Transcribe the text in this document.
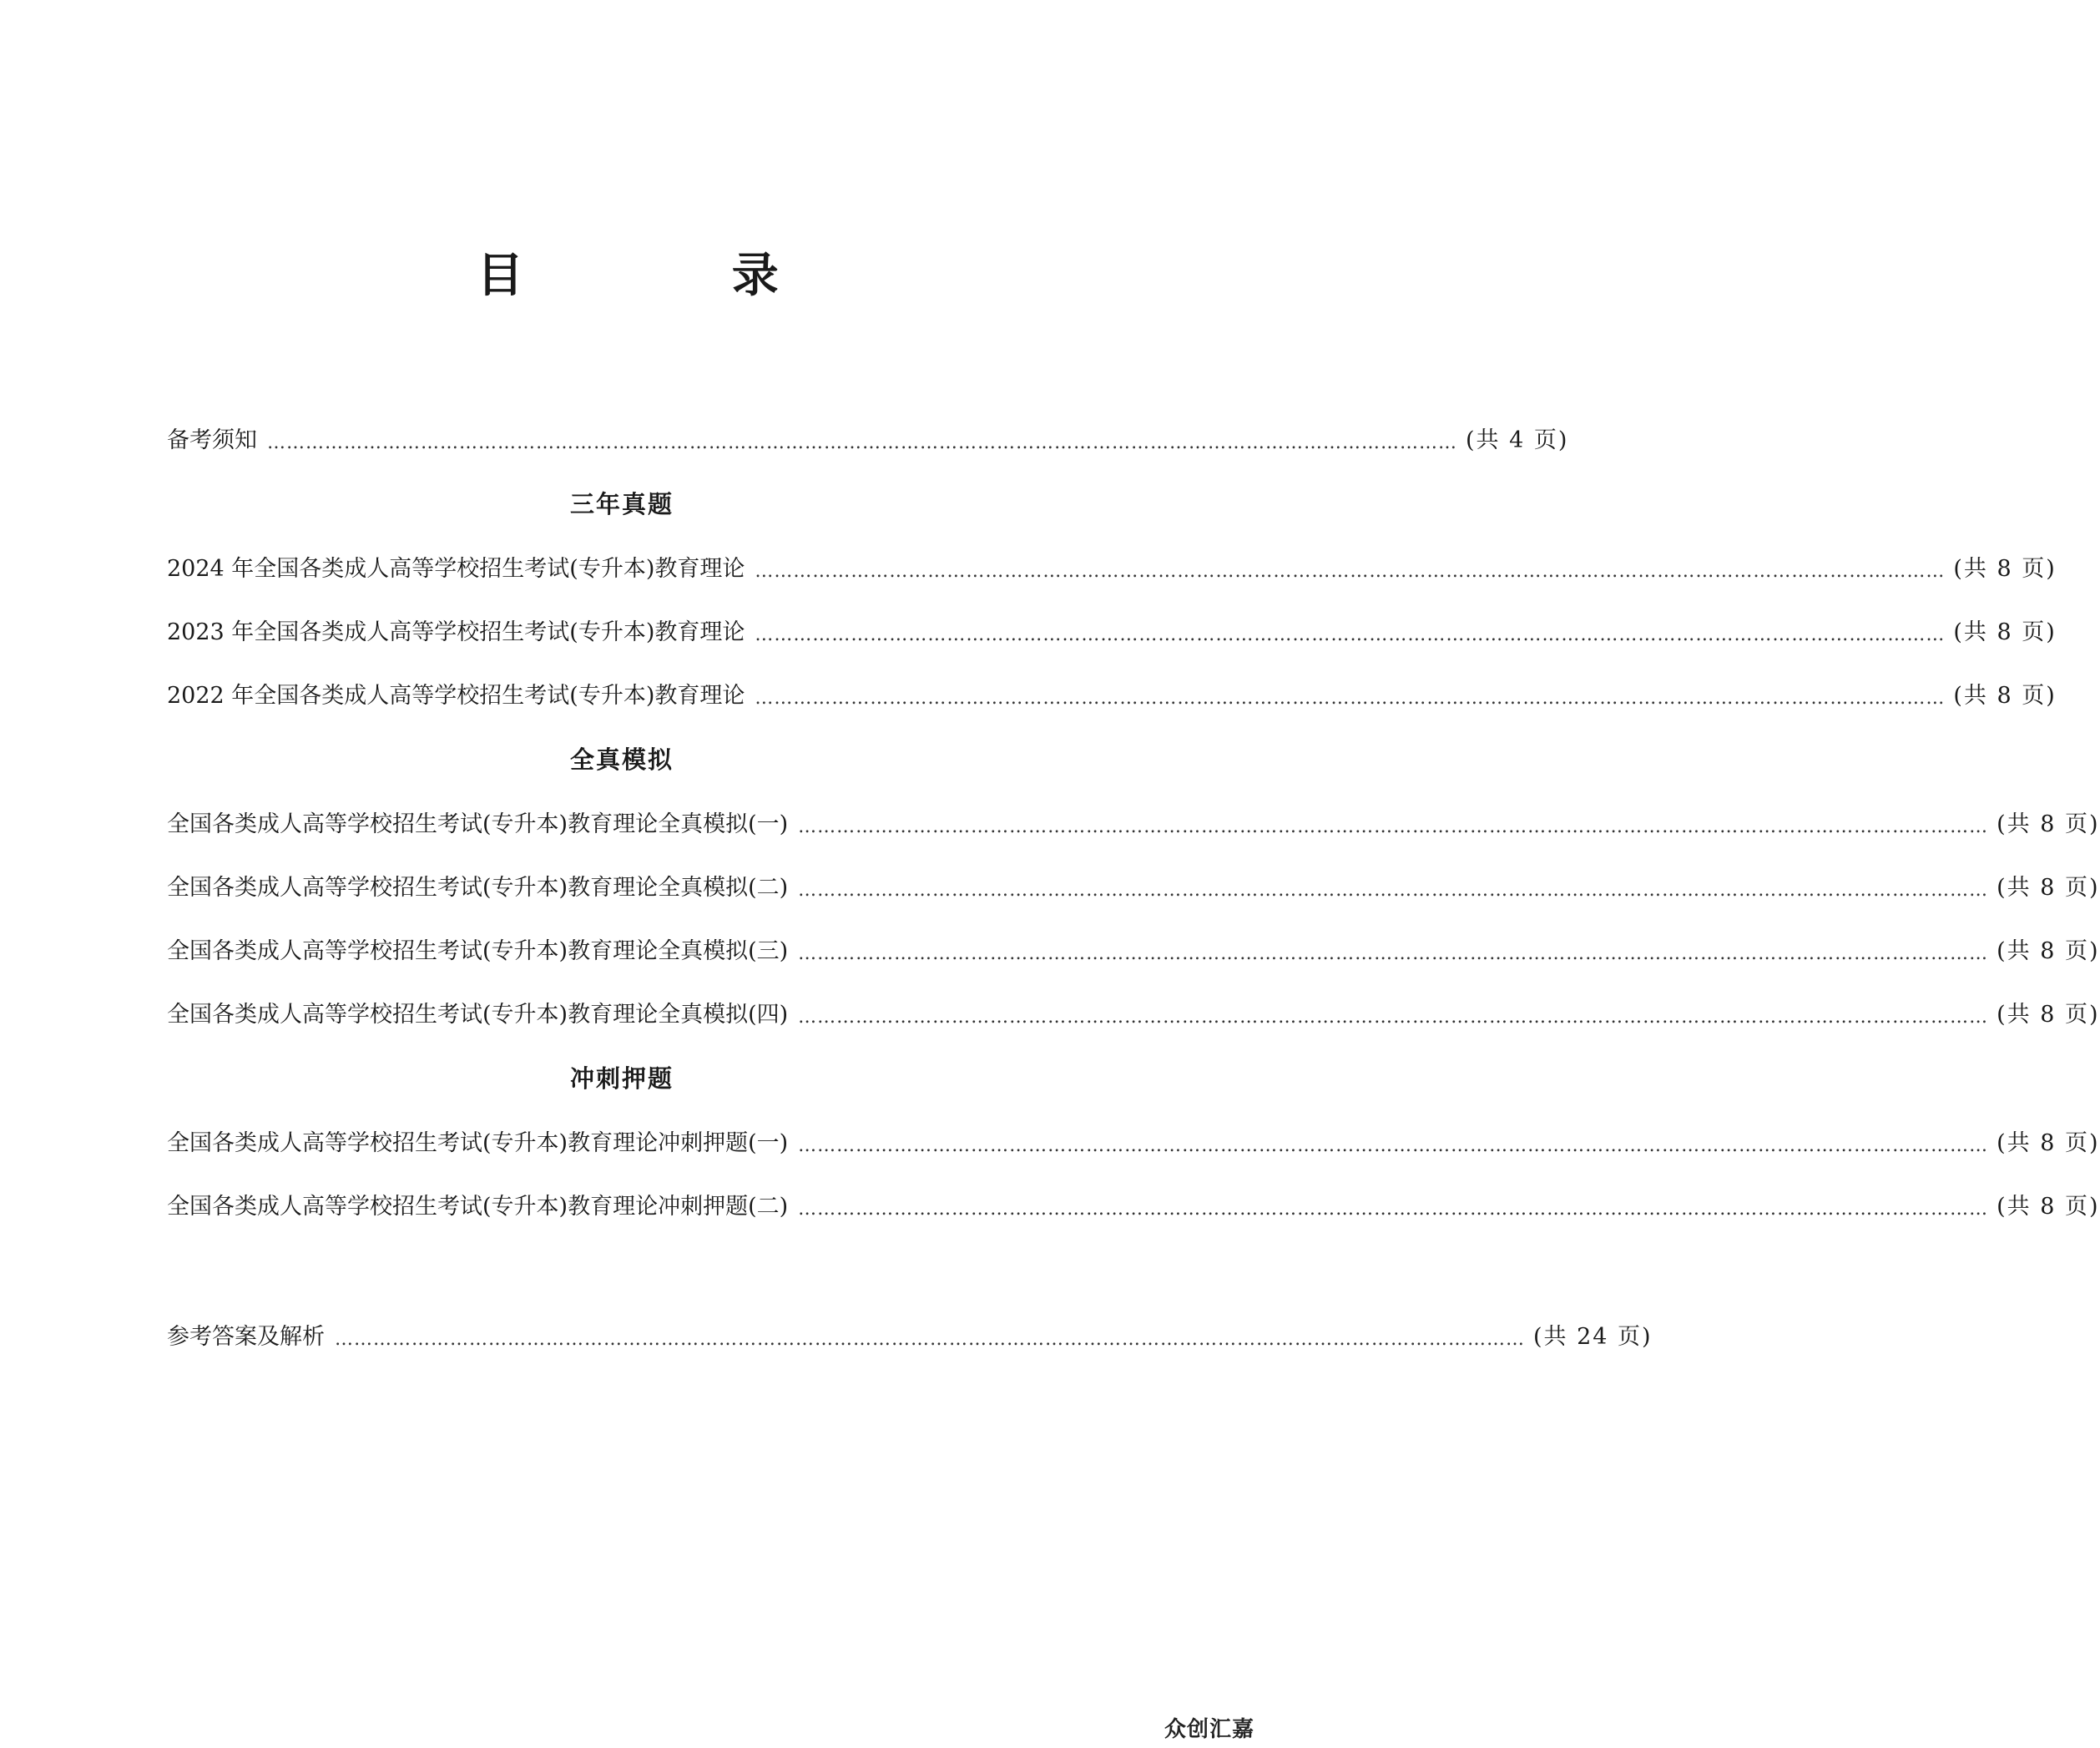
目 录
备考须知 …………………………………………………………………………………………………………………………………………………………………… (共 4 页)
三年真题
2024 年全国各类成人高等学校招生考试(专升本)教育理论 …………………………………………………………………………………………………………………………………………………………………… (共 8 页)
2023 年全国各类成人高等学校招生考试(专升本)教育理论 …………………………………………………………………………………………………………………………………………………………………… (共 8 页)
2022 年全国各类成人高等学校招生考试(专升本)教育理论 …………………………………………………………………………………………………………………………………………………………………… (共 8 页)
全真模拟
全国各类成人高等学校招生考试(专升本)教育理论全真模拟(一) …………………………………………………………………………………………………………………………………………………………………… (共 8 页)
全国各类成人高等学校招生考试(专升本)教育理论全真模拟(二) …………………………………………………………………………………………………………………………………………………………………… (共 8 页)
全国各类成人高等学校招生考试(专升本)教育理论全真模拟(三) …………………………………………………………………………………………………………………………………………………………………… (共 8 页)
全国各类成人高等学校招生考试(专升本)教育理论全真模拟(四) …………………………………………………………………………………………………………………………………………………………………… (共 8 页)
冲刺押题
全国各类成人高等学校招生考试(专升本)教育理论冲刺押题(一) …………………………………………………………………………………………………………………………………………………………………… (共 8 页)
全国各类成人高等学校招生考试(专升本)教育理论冲刺押题(二) …………………………………………………………………………………………………………………………………………………………………… (共 8 页)
参考答案及解析 …………………………………………………………………………………………………………………………………………………………………… (共 24 页)
众创汇嘉
